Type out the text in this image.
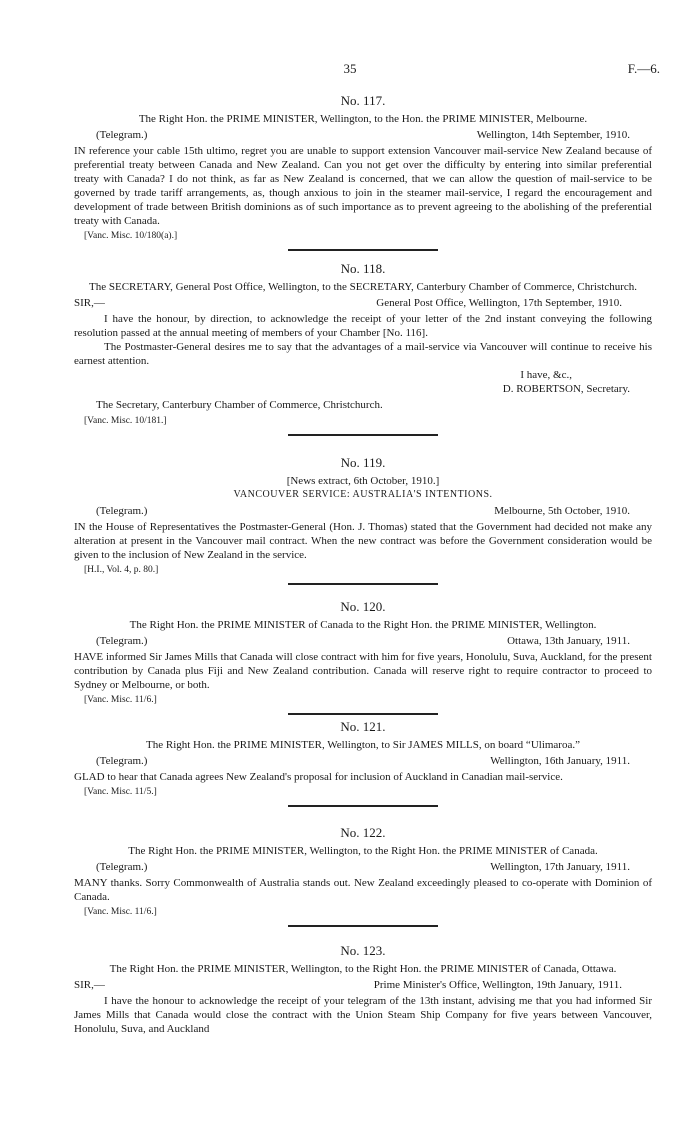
35	F.—6.
No. 117.

The Right Hon. the PRIME MINISTER, Wellington, to the Hon. the PRIME MINISTER, Melbourne.

(Telegram.)	Wellington, 14th September, 1910.

IN reference your cable 15th ultimo, regret you are unable to support extension Vancouver mail-service New Zealand because of preferential treaty between Canada and New Zealand. Can you not get over the difficulty by entering into similar preferential treaty with Canada? I do not think, as far as New Zealand is concerned, that we can allow the question of mail-service to be governed by trade tariff arrangements, as, though anxious to join in the steamer mail-service, I regard the encouragement and development of trade between British dominions as of such importance as to prevent agreeing to the abolishing of the preferential treaty with Canada.

[Vanc. Misc. 10/180(a).]
No. 118.

The SECRETARY, General Post Office, Wellington, to the SECRETARY, Canterbury Chamber of Commerce, Christchurch.

SIR,—	General Post Office, Wellington, 17th September, 1910.

I have the honour, by direction, to acknowledge the receipt of your letter of the 2nd instant conveying the following resolution passed at the annual meeting of members of your Chamber [No. 116].

The Postmaster-General desires me to say that the advantages of a mail-service via Vancouver will continue to receive his earnest attention.

I have, &c.,

D. ROBERTSON, Secretary.

The Secretary, Canterbury Chamber of Commerce, Christchurch.
[Vanc. Misc. 10/181.]
No. 119.

[News extract, 6th October, 1910.]

VANCOUVER SERVICE: AUSTRALIA'S INTENTIONS.

(Telegram.)	Melbourne, 5th October, 1910.

IN the House of Representatives the Postmaster-General (Hon. J. Thomas) stated that the Government had decided not make any alteration at present in the Vancouver mail contract. When the new contract was before the Government consideration would be given to the inclusion of New Zealand in the service.

[H.I., Vol. 4, p. 80.]
No. 120.

The Right Hon. the PRIME MINISTER of Canada to the Right Hon. the PRIME MINISTER, Wellington.

(Telegram.)	Ottawa, 13th January, 1911.

HAVE informed Sir James Mills that Canada will close contract with him for five years, Honolulu, Suva, Auckland, for the present contribution by Canada plus Fiji and New Zealand contribution. Canada will reserve right to require contractor to proceed to Sydney or Melbourne, or both.

[Vanc. Misc. 11/6.]
No. 121.

The Right Hon. the PRIME MINISTER, Wellington, to Sir JAMES MILLS, on board “Ulimaroa.”

(Telegram.)	Wellington, 16th January, 1911.

GLAD to hear that Canada agrees New Zealand's proposal for inclusion of Auckland in Canadian mail-service.

[Vanc. Misc. 11/5.]
No. 122.

The Right Hon. the PRIME MINISTER, Wellington, to the Right Hon. the PRIME MINISTER of Canada.

(Telegram.)	Wellington, 17th January, 1911.

MANY thanks. Sorry Commonwealth of Australia stands out. New Zealand exceedingly pleased to co-operate with Dominion of Canada.

[Vanc. Misc. 11/6.]
No. 123.

The Right Hon. the PRIME MINISTER, Wellington, to the Right Hon. the PRIME MINISTER of Canada, Ottawa.

SIR,—	Prime Minister's Office, Wellington, 19th January, 1911.

I have the honour to acknowledge the receipt of your telegram of the 13th instant, advising me that you had informed Sir James Mills that Canada would close the contract with the Union Steam Ship Company for five years between Vancouver, Honolulu, Suva, and Auckland
